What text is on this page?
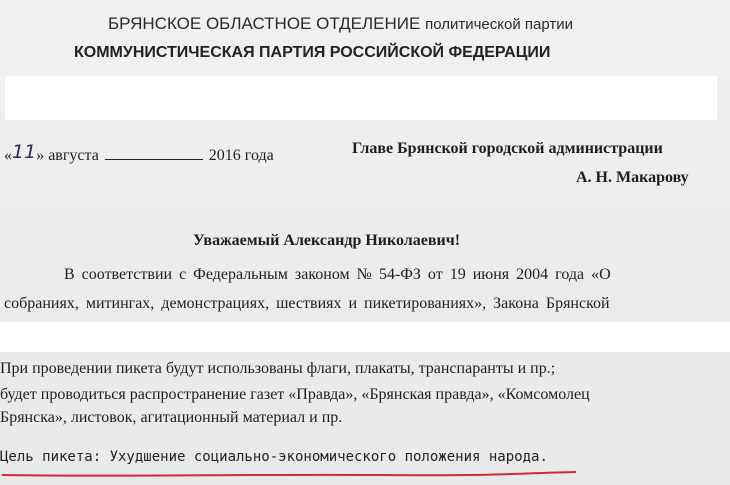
БРЯНСКОЕ ОБЛАСТНОЕ ОТДЕЛЕНИЕ политической партии
КОММУНИСТИЧЕСКАЯ ПАРТИЯ РОССИЙСКОЙ ФЕДЕРАЦИИ
«11» августа	2016 года	Главе Брянской городской администрации
А. Н. Макарову
Уважаемый Александр Николаевич!
В соответствии с Федеральным законом № 54-ФЗ от 19 июня 2004 года «О
собраниях, митингах, демонстрациях, шествиях и пикетированиях», Закона Брянской
При проведении пикета будут использованы флаги, плакаты, транспаранты и пр.;
будет проводиться распространение газет «Правда», «Брянская правда», «Комсомолец
Брянска», листовок, агитационный материал и пр.
Цель пикета: Ухудшение социально-экономического положения народа.
